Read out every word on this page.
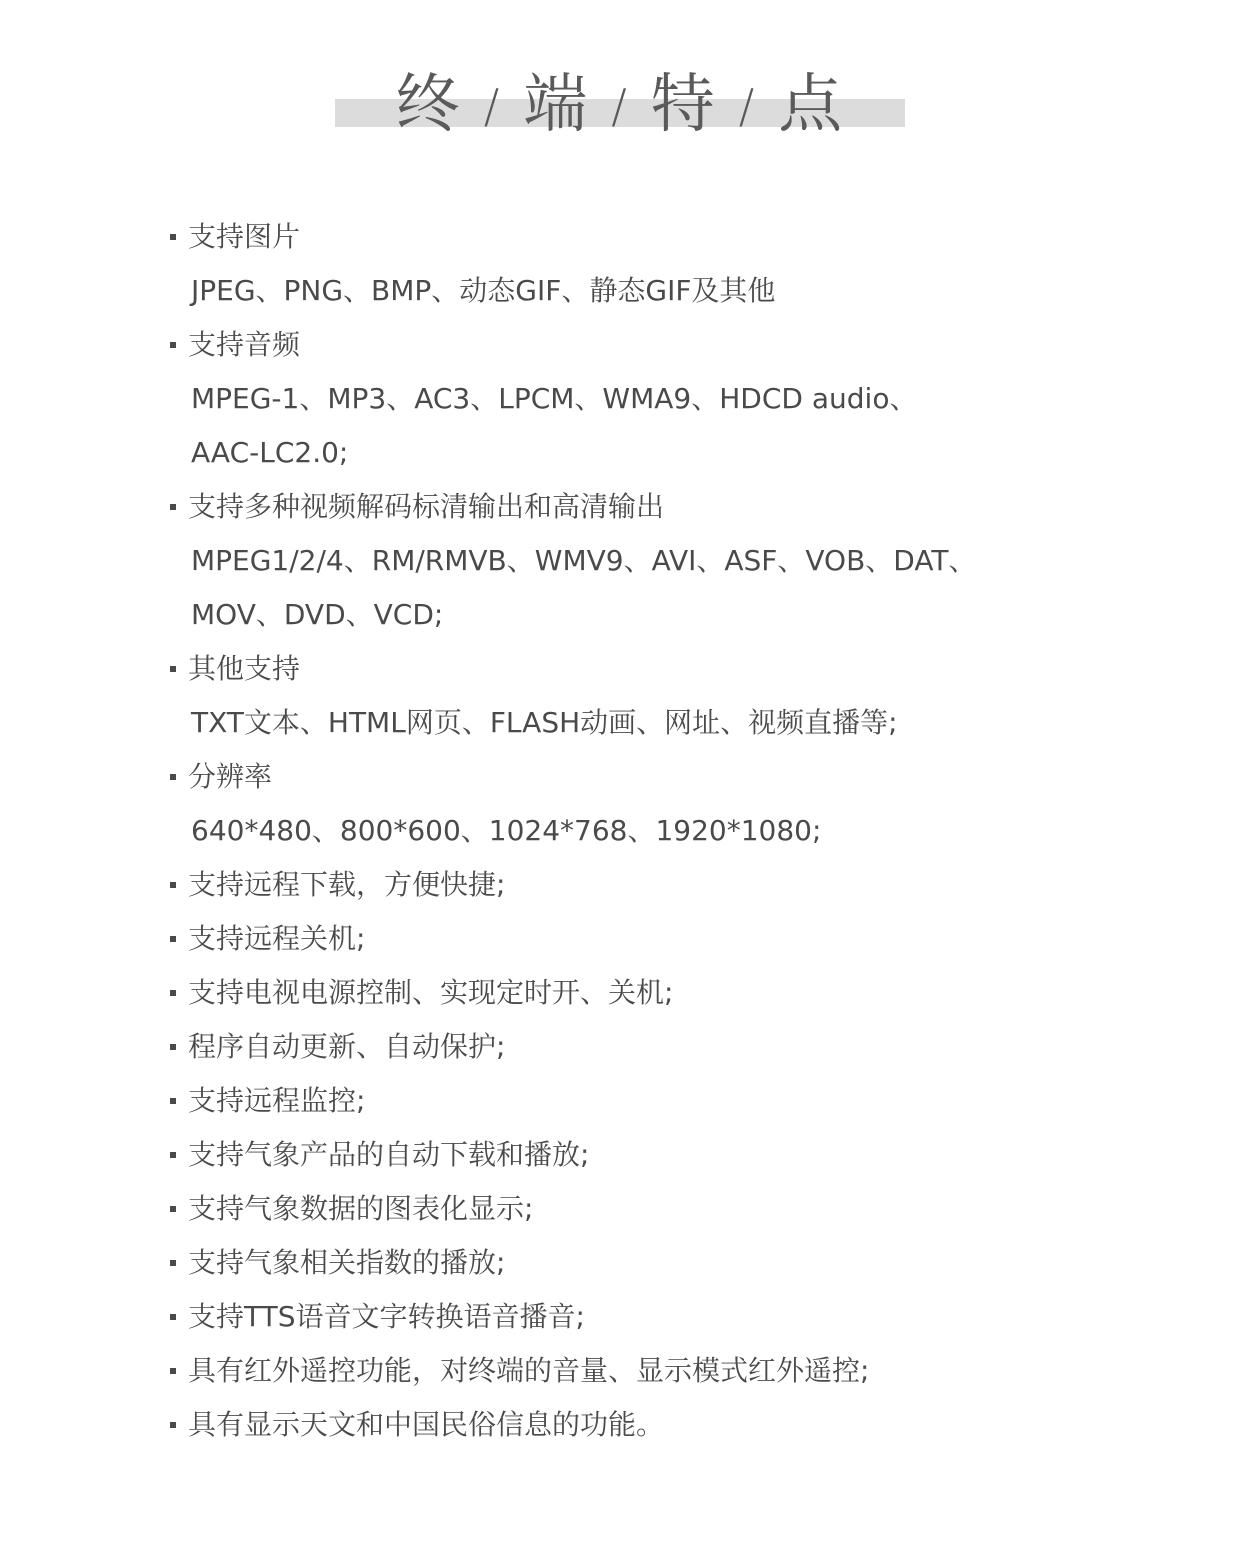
终 / 端 / 特 / 点
支持图片
JPEG、PNG、BMP、动态GIF、静态GIF及其他
支持音频
MPEG-1、MP3、AC3、LPCM、WMA9、HDCD audio、
AAC-LC2.0;
支持多种视频解码标清输出和高清输出
MPEG1/2/4、RM/RMVB、WMV9、AVI、ASF、VOB、DAT、
MOV、DVD、VCD;
其他支持
TXT文本、HTML网页、FLASH动画、网址、视频直播等;
分辨率
640*480、800*600、1024*768、1920*1080;
支持远程下载，方便快捷;
支持远程关机;
支持电视电源控制、实现定时开、关机;
程序自动更新、自动保护;
支持远程监控;
支持气象产品的自动下载和播放;
支持气象数据的图表化显示;
支持气象相关指数的播放;
支持TTS语音文字转换语音播音;
具有红外遥控功能，对终端的音量、显示模式红外遥控;
具有显示天文和中国民俗信息的功能。
